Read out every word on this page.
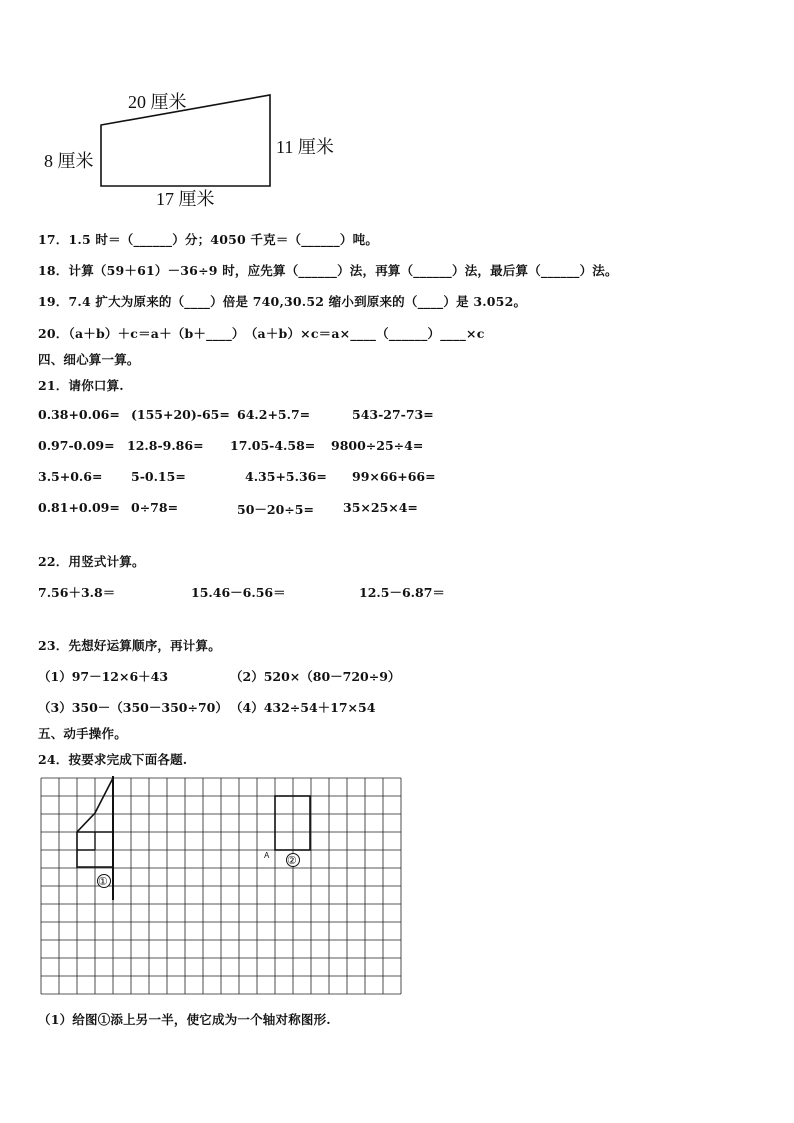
20 厘米
8 厘米
11 厘米
17 厘米
17．1.5 时＝（______）分；4050 千克＝（______）吨。
18．计算（59＋61）－36÷9 时，应先算（______）法，再算（______）法，最后算（______）法。
19．7.4 扩大为原来的（____）倍是 740,30.52 缩小到原来的（____）是 3.052。
20．（a＋b）＋c＝a＋（b＋____）　（a＋b）×c＝a×____（______）____×c
四、细心算一算。
21．请你口算.
0.38+0.06= (155+20)-65= 64.2+5.7=	543-27-73=
0.97-0.09= 12.8-9.86= 17.05-4.58= 9800÷25÷4=
3.5+0.6= 5-0.15=	4.35+5.36= 99×66+66=
0.81+0.09= 0÷78=	50－20÷5= 35×25×4=
22．用竖式计算。
7.56＋3.8＝	15.46－6.56＝	12.5－6.87＝
23．先想好运算顺序，再计算。
（1）97－12×6＋43	（2）520×（80－720÷9）
（3）350－（350－350÷70） （4）432÷54＋17×54
五、动手操作。
24．按要求完成下面各题.
①
②
A
（1）给图①添上另一半，使它成为一个轴对称图形.
